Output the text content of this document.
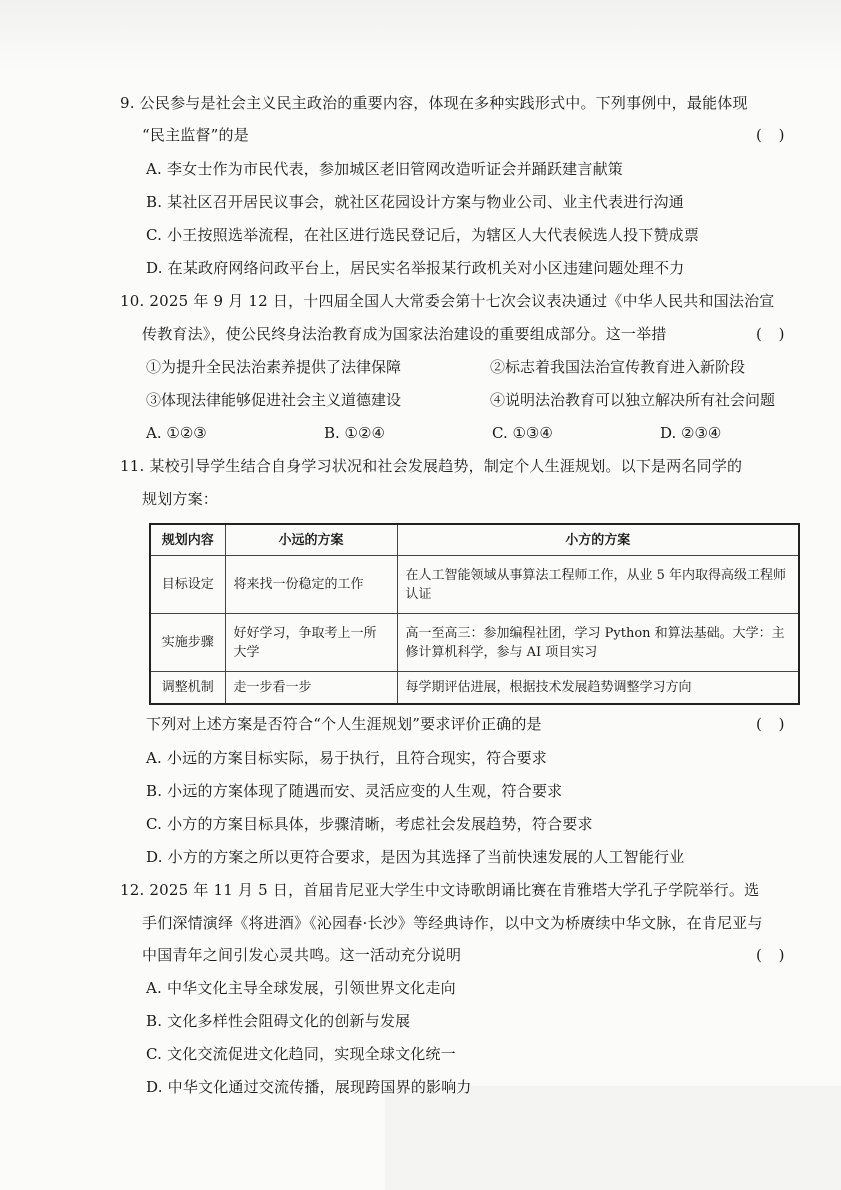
9. 公民参与是社会主义民主政治的重要内容，体现在多种实践形式中。下列事例中，最能体现
“民主监督”的是	( )
A. 李女士作为市民代表，参加城区老旧管网改造听证会并踊跃建言献策
B. 某社区召开居民议事会，就社区花园设计方案与物业公司、业主代表进行沟通
C. 小王按照选举流程，在社区进行选民登记后，为辖区人大代表候选人投下赞成票
D. 在某政府网络问政平台上，居民实名举报某行政机关对小区违建问题处理不力
10. 2025 年 9 月 12 日，十四届全国人大常委会第十七次会议表决通过《中华人民共和国法治宣
传教育法》，使公民终身法治教育成为国家法治建设的重要组成部分。这一举措	( )
①为提升全民法治素养提供了法律保障	②标志着我国法治宣传教育进入新阶段
③体现法律能够促进社会主义道德建设	④说明法治教育可以独立解决所有社会问题
A. ①②③	B. ①②④	C. ①③④	D. ②③④
11. 某校引导学生结合自身学习状况和社会发展趋势，制定个人生涯规划。以下是两名同学的
规划方案：
规划内容	小远的方案	小方的方案
目标设定	将来找一份稳定的工作	在人工智能领域从事算法工程师工作，从业 5 年内取得高级工程师认证
实施步骤	好好学习，争取考上一所大学	高一至高三：参加编程社团，学习 Python 和算法基础。大学：主修计算机科学，参与 AI 项目实习
调整机制	走一步看一步	每学期评估进展，根据技术发展趋势调整学习方向
下列对上述方案是否符合“个人生涯规划”要求评价正确的是	( )
A. 小远的方案目标实际，易于执行，且符合现实，符合要求
B. 小远的方案体现了随遇而安、灵活应变的人生观，符合要求
C. 小方的方案目标具体，步骤清晰，考虑社会发展趋势，符合要求
D. 小方的方案之所以更符合要求，是因为其选择了当前快速发展的人工智能行业
12. 2025 年 11 月 5 日，首届肯尼亚大学生中文诗歌朗诵比赛在肯雅塔大学孔子学院举行。选
手们深情演绎《将进酒》《沁园春·长沙》等经典诗作，以中文为桥赓续中华文脉，在肯尼亚与
中国青年之间引发心灵共鸣。这一活动充分说明	( )
A. 中华文化主导全球发展，引领世界文化走向
B. 文化多样性会阻碍文化的创新与发展
C. 文化交流促进文化趋同，实现全球文化统一
D. 中华文化通过交流传播，展现跨国界的影响力
